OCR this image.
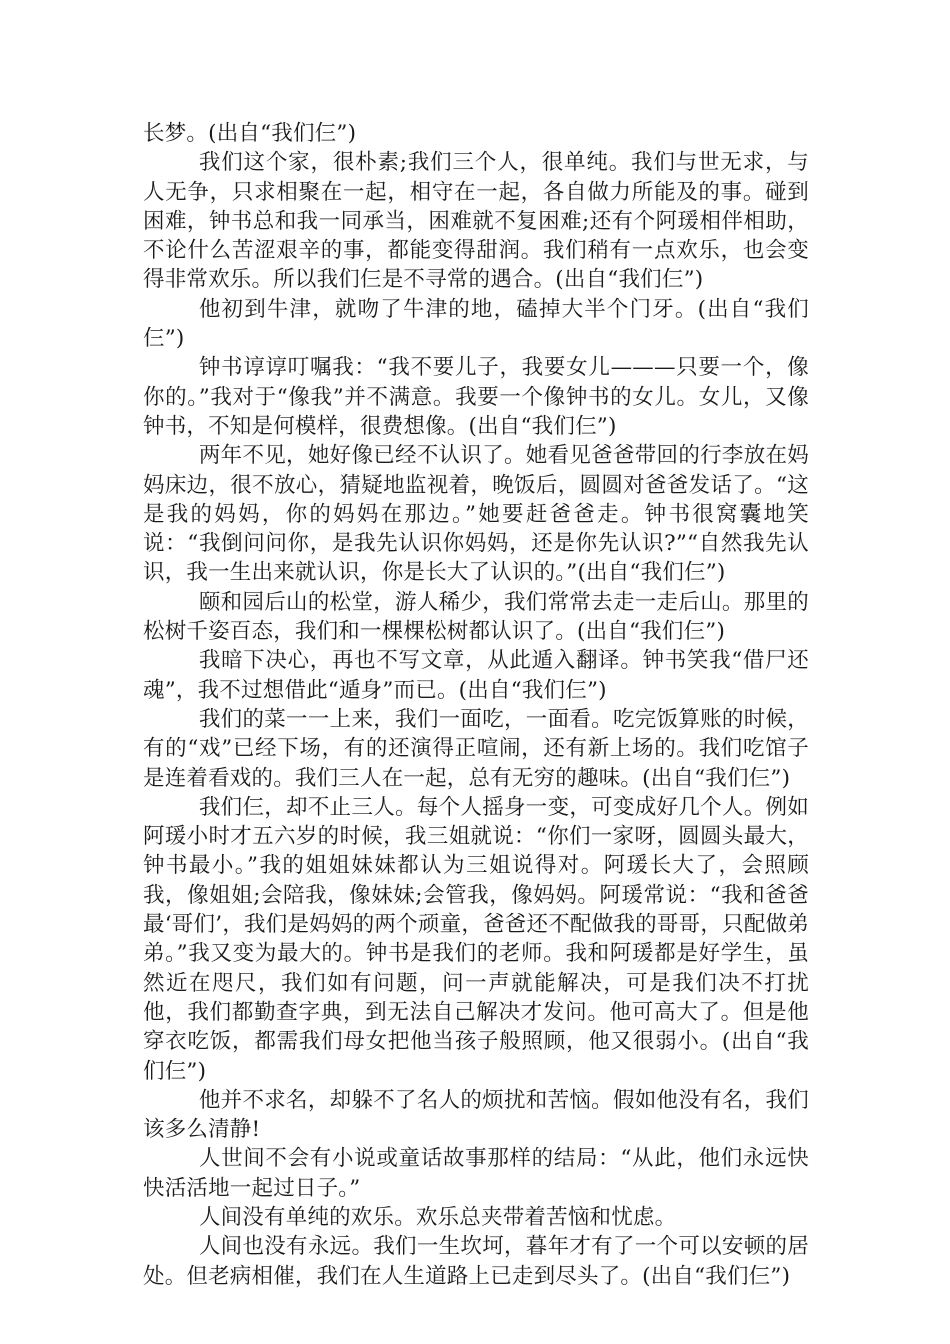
长梦。(出自“我们仨”)

我们这个家，很朴素;我们三个人，很单纯。我们与世无求，与人无争，只求相聚在一起，相守在一起，各自做力所能及的事。碰到困难，钟书总和我一同承当，困难就不复困难;还有个阿瑗相伴相助，不论什么苦涩艰辛的事，都能变得甜润。我们稍有一点欢乐，也会变得非常欢乐。所以我们仨是不寻常的遇合。(出自“我们仨”)

他初到牛津，就吻了牛津的地，磕掉大半个门牙。(出自“我们仨”)

钟书谆谆叮嘱我：“我不要儿子，我要女儿———只要一个，像你的。”我对于“像我”并不满意。我要一个像钟书的女儿。女儿，又像钟书，不知是何模样，很费想像。(出自“我们仨”)

两年不见，她好像已经不认识了。她看见爸爸带回的行李放在妈妈床边，很不放心，猜疑地监视着，晚饭后，圆圆对爸爸发话了。“这是我的妈妈，你的妈妈在那边。”她要赶爸爸走。钟书很窝囊地笑说：“我倒问问你，是我先认识你妈妈，还是你先认识?”“自然我先认识，我一生出来就认识，你是长大了认识的。”(出自“我们仨”)

颐和园后山的松堂，游人稀少，我们常常去走一走后山。那里的松树千姿百态，我们和一棵棵松树都认识了。(出自“我们仨”)

我暗下决心，再也不写文章，从此遁入翻译。钟书笑我“借尸还魂”，我不过想借此“遁身”而已。(出自“我们仨”)

我们的菜一一上来，我们一面吃，一面看。吃完饭算账的时候，有的“戏”已经下场，有的还演得正喧闹，还有新上场的。我们吃馆子是连着看戏的。我们三人在一起，总有无穷的趣味。(出自“我们仨”)

我们仨，却不止三人。每个人摇身一变，可变成好几个人。例如阿瑗小时才五六岁的时候，我三姐就说：“你们一家呀，圆圆头最大，钟书最小。”我的姐姐妹妹都认为三姐说得对。阿瑗长大了，会照顾我，像姐姐;会陪我，像妹妹;会管我，像妈妈。阿瑗常说：“我和爸爸最‘哥们’，我们是妈妈的两个顽童，爸爸还不配做我的哥哥，只配做弟弟。”我又变为最大的。钟书是我们的老师。我和阿瑗都是好学生，虽然近在咫尺，我们如有问题，问一声就能解决，可是我们决不打扰他，我们都勤查字典，到无法自己解决才发问。他可高大了。但是他穿衣吃饭，都需我们母女把他当孩子般照顾，他又很弱小。(出自“我们仨”)

他并不求名，却躲不了名人的烦扰和苦恼。假如他没有名，我们该多么清静!

人世间不会有小说或童话故事那样的结局：“从此，他们永远快快活活地一起过日子。”

人间没有单纯的欢乐。欢乐总夹带着苦恼和忧虑。

人间也没有永远。我们一生坎坷，暮年才有了一个可以安顿的居处。但老病相催，我们在人生道路上已走到尽头了。(出自“我们仨”)
